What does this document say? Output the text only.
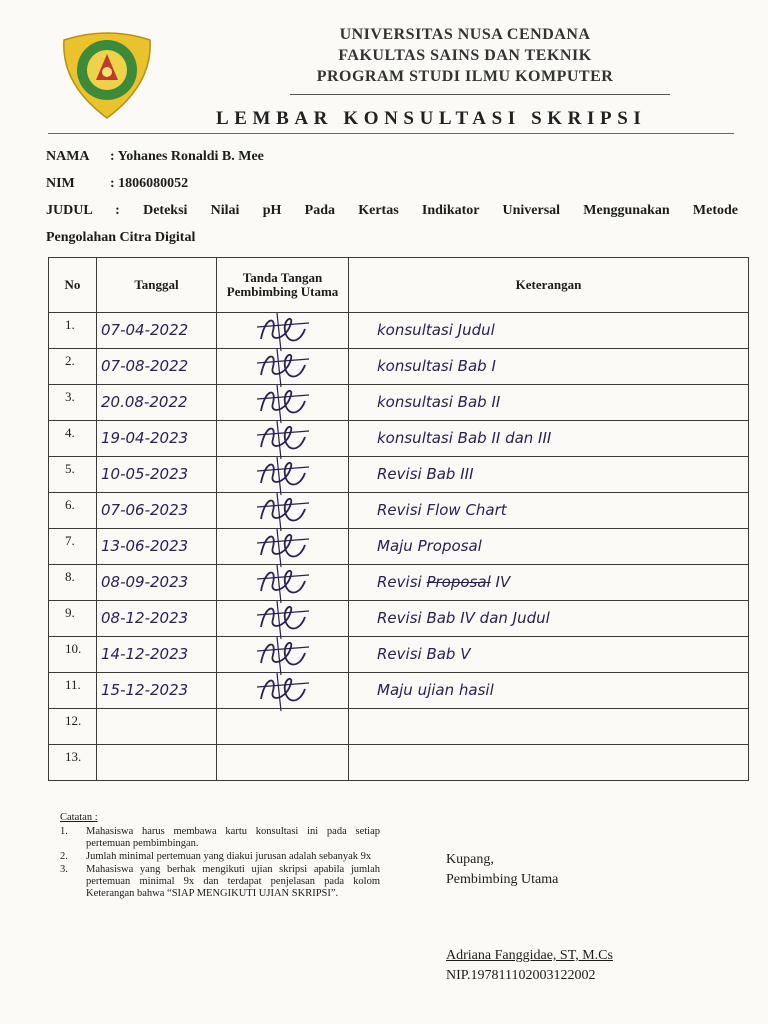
UNIVERSITAS NUSA CENDANA
FAKULTAS SAINS DAN TEKNIK
PROGRAM STUDI ILMU KOMPUTER
LEMBAR KONSULTASI SKRIPSI
NAMA : Yohanes Ronaldi B. Mee
NIM	: 1806080052
JUDUL : Deteksi Nilai pH Pada Kertas Indikator Universal Menggunakan Metode
Pengolahan Citra Digital
No	Tanggal	Tanda Tangan Pembimbing Utama	Keterangan

1.	07-04-2022		konsultasi Judul

2.	07-08-2022		konsultasi Bab I

3.	20.08-2022		konsultasi Bab II

4.	19-04-2023		konsultasi Bab II dan III

5.	10-05-2023		Revisi Bab III

6.	07-06-2023		Revisi Flow Chart

7.	13-06-2023		Maju Proposal

8.	08-09-2023		Revisi Proposal IV

9.	08-12-2023		Revisi Bab IV dan Judul

10.	14-12-2023		Revisi Bab V

11.	15-12-2023		Maju ujian hasil

12.			

13.			

Catatan :
1.	Mahasiswa harus membawa kartu konsultasi ini pada setiap pertemuan pembimbingan.
2.	Jumlah minimal pertemuan yang diakui jurusan adalah sebanyak 9x
3.	Mahasiswa yang berhak mengikuti ujian skripsi apabila jumlah pertemuan minimal 9x dan terdapat penjelasan pada kolom Keterangan bahwa “SIAP MENGIKUTI UJIAN SKRIPSI”.
Kupang,
Pembimbing Utama
Adriana Fanggidae, ST, M.Cs
NIP.197811102003122002
